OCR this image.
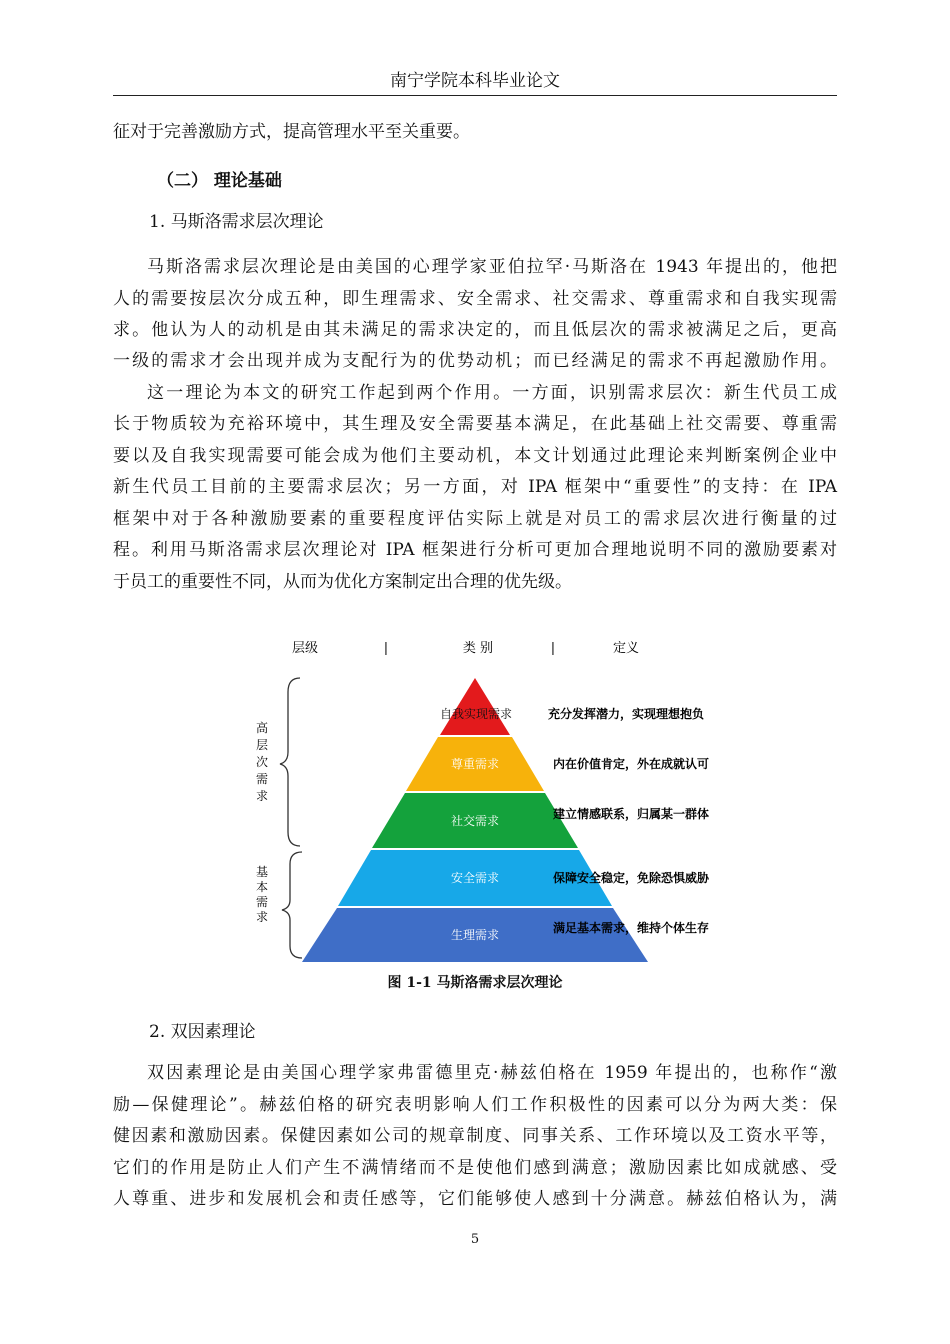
南宁学院本科毕业论文
征对于完善激励方式，提高管理水平至关重要。
（二） 理论基础
1. 马斯洛需求层次理论
马斯洛需求层次理论是由美国的心理学家亚伯拉罕·马斯洛在 1943 年提出的，他把
人的需要按层次分成五种，即生理需求、安全需求、社交需求、尊重需求和自我实现需
求。他认为人的动机是由其未满足的需求决定的，而且低层次的需求被满足之后，更高
一级的需求才会出现并成为支配行为的优势动机；而已经满足的需求不再起激励作用。
这一理论为本文的研究工作起到两个作用。一方面，识别需求层次：新生代员工成
长于物质较为充裕环境中，其生理及安全需要基本满足，在此基础上社交需要、尊重需
要以及自我实现需要可能会成为他们主要动机，本文计划通过此理论来判断案例企业中
新生代员工目前的主要需求层次；另一方面，对 IPA 框架中“重要性”的支持：在 IPA
框架中对于各种激励要素的重要程度评估实际上就是对员工的需求层次进行衡量的过
程。利用马斯洛需求层次理论对 IPA 框架进行分析可更加合理地说明不同的激励要素对
于员工的重要性不同，从而为优化方案制定出合理的优先级。
层级	|	类 别	|	定义
高
层
次
需
求
基
本
需
求
自我实现需求
尊重需求
社交需求
安全需求
生理需求
充分发挥潜力，实现理想抱负
内在价值肯定，外在成就认可
建立情感联系，归属某一群体
保障安全稳定，免除恐惧威胁
满足基本需求，维持个体生存
图 1-1 马斯洛需求层次理论
2. 双因素理论
双因素理论是由美国心理学家弗雷德里克·赫兹伯格在 1959 年提出的，也称作“激
励—保健理论”。赫兹伯格的研究表明影响人们工作积极性的因素可以分为两大类：保
健因素和激励因素。保健因素如公司的规章制度、同事关系、工作环境以及工资水平等，
它们的作用是防止人们产生不满情绪而不是使他们感到满意；激励因素比如成就感、受
人尊重、进步和发展机会和责任感等，它们能够使人感到十分满意。赫兹伯格认为，满
5
